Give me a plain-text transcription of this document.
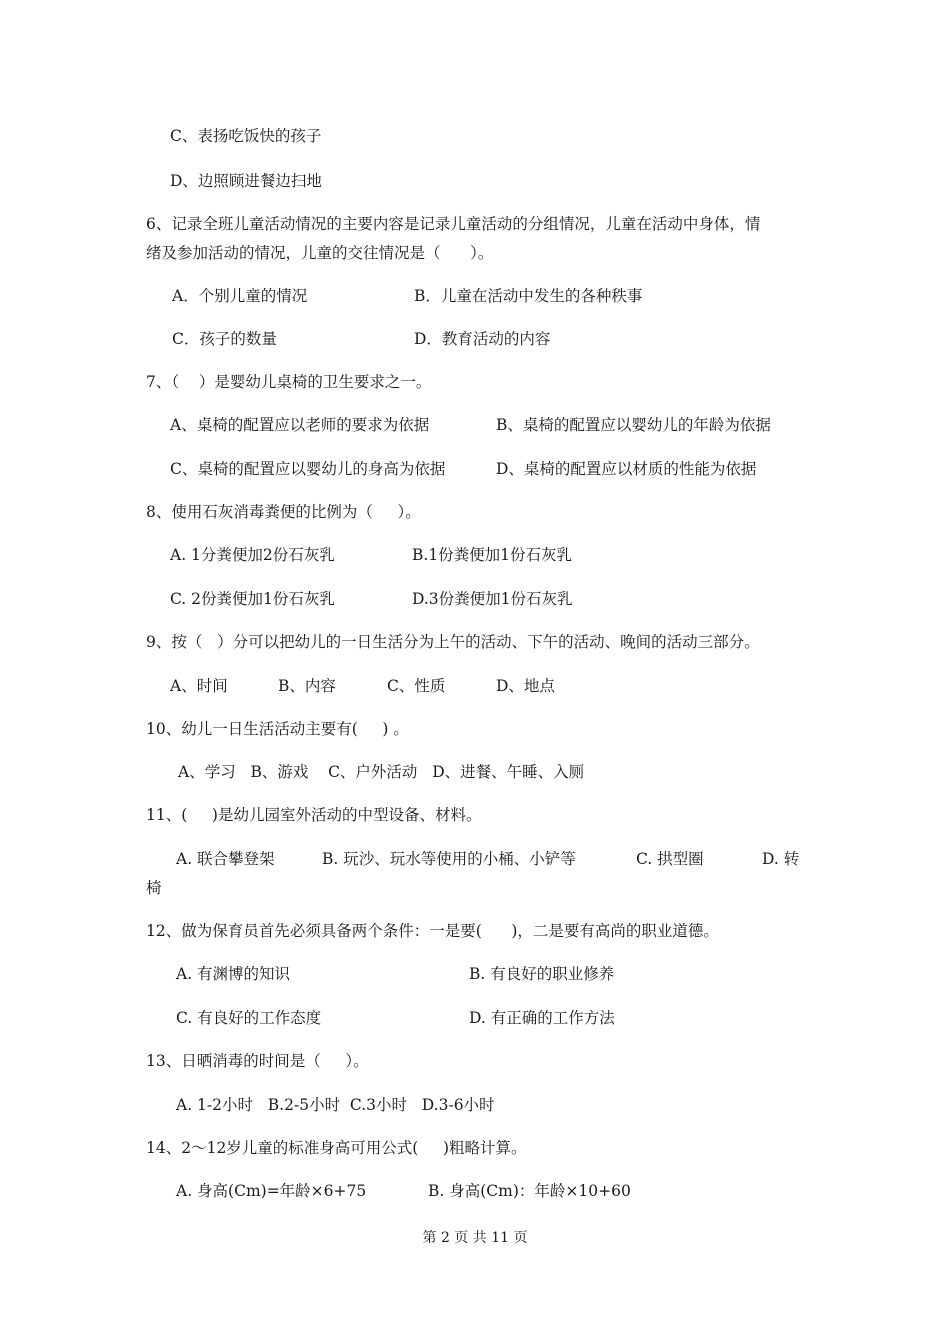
C、表扬吃饭快的孩子
D、边照顾进餐边扫地
6、记录全班儿童活动情况的主要内容是记录儿童活动的分组情况，儿童在活动中身体，情
绪及参加活动的情况，儿童的交往情况是（      ）。
A．个别儿童的情况	B．儿童在活动中发生的各种秩事
C．孩子的数量	D．教育活动的内容
7、（    ）是婴幼儿桌椅的卫生要求之一。
A、桌椅的配置应以老师的要求为依据	B、桌椅的配置应以婴幼儿的年龄为依据
C、桌椅的配置应以婴幼儿的身高为依据	D、桌椅的配置应以材质的性能为依据
8、使用石灰消毒粪便的比例为（     ）。
A. 1分粪便加2份石灰乳	B.1份粪便加1份石灰乳
C. 2份粪便加1份石灰乳	D.3份粪便加1份石灰乳
9、按（   ）分可以把幼儿的一日生活分为上午的活动、下午的活动、晚间的活动三部分。
A、时间	B、内容	C、性质	D、地点
10、幼儿一日生活活动主要有(     ) 。
A、学习   B、游戏    C、户外活动   D、进餐、午睡、入厕
11、(     )是幼儿园室外活动的中型设备、材料。
A. 联合攀登架	B. 玩沙、玩水等使用的小桶、小铲等	C. 拱型圈	D. 转
椅
12、做为保育员首先必须具备两个条件：一是要(      )，二是要有高尚的职业道德。
A. 有渊博的知识	B. 有良好的职业修养
C. 有良好的工作态度	D. 有正确的工作方法
13、日晒消毒的时间是（     ）。
A. 1-2小时   B.2-5小时  C.3小时   D.3-6小时
14、2～12岁儿童的标准身高可用公式(     )粗略计算。
A. 身高(Cm)=年龄×6+75	B. 身高(Cm)：年龄×10+60
第 2 页 共 11 页
